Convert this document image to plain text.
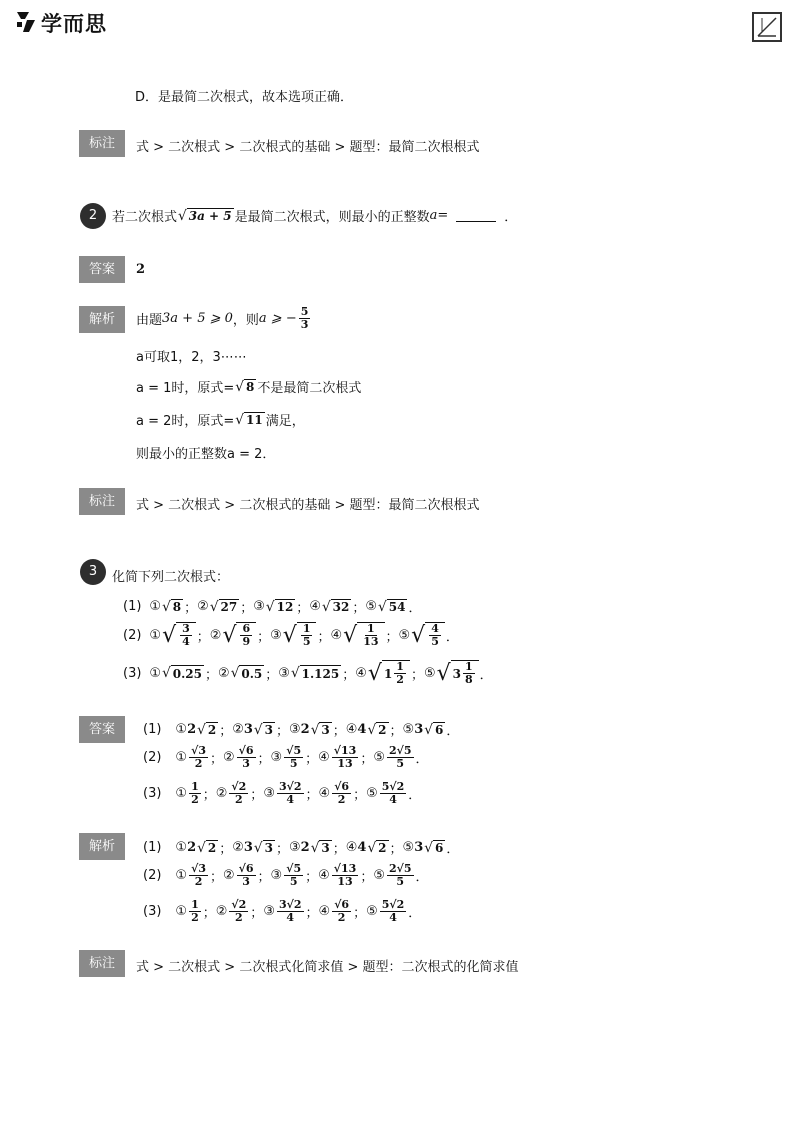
学而思
D．是最简二次根式，故本选项正确．
标注	式 > 二次根式 > 二次根式的基础 > 题型：最简二次根根式
2	若二次根式 √ 3a + 5 是最简二次根式，则最小的正整数 a =	．
答案	2
解析	由题 3a + 5 ⩾ 0 ，则 a ⩾ − $\frac{5}{3}$
a可取1，2，3⋯⋯
a = 1时，原式= √ 8 不是最简二次根式
a = 2时，原式= √ 11 满足，
则最小的正整数a = 2．
标注	式 > 二次根式 > 二次根式的基础 > 题型：最简二次根根式
3	化简下列二次根式：
(1) ① √ 8 ； ② √ 27 ； ③ √ 12 ； ④ √ 32 ； ⑤ √ 54 ．
(2) ① √ $\frac{3}{4}$ ； ② √ $\frac{6}{9}$ ； ③ √ $\frac{1}{5}$ ； ④ √ $\frac{1}{13}$ ； ⑤ √ $\frac{4}{5}$ ．
(3) ① √ 0.25 ； ② √ 0.5 ； ③ √ 1.125 ； ④ √ $1 \frac{1}{2}$ ； ⑤ √ $3 \frac{1}{8}$ ．
答案	(1) ① 2 √ 2 ； ② 3 √ 3 ； ③ 2 √ 3 ； ④ 4 √ 2 ； ⑤ 3 √ 6 ．
(2) ① $\frac{√ 3}{2}$ ； ② $\frac{√ 6}{3}$ ； ③ $\frac{√ 5}{5}$ ； ④ $\frac{√ 13}{13}$ ； ⑤ $\frac{2 √ 5}{5}$ ．
(3) ① $\frac{1}{2}$ ； ② $\frac{√ 2}{2}$ ； ③ $\frac{3 √ 2}{4}$ ； ④ $\frac{√ 6}{2}$ ； ⑤ $\frac{5 √ 2}{4}$ ．
解析	(1) ① 2 √ 2 ； ② 3 √ 3 ； ③ 2 √ 3 ； ④ 4 √ 2 ； ⑤ 3 √ 6 ．
(2) ① $\frac{√ 3}{2}$ ； ② $\frac{√ 6}{3}$ ； ③ $\frac{√ 5}{5}$ ； ④ $\frac{√ 13}{13}$ ； ⑤ $\frac{2 √ 5}{5}$ ．
(3) ① $\frac{1}{2}$ ； ② $\frac{√ 2}{2}$ ； ③ $\frac{3 √ 2}{4}$ ； ④ $\frac{√ 6}{2}$ ； ⑤ $\frac{5 √ 2}{4}$ ．
标注	式 > 二次根式 > 二次根式化简求值 > 题型：二次根式的化简求值
